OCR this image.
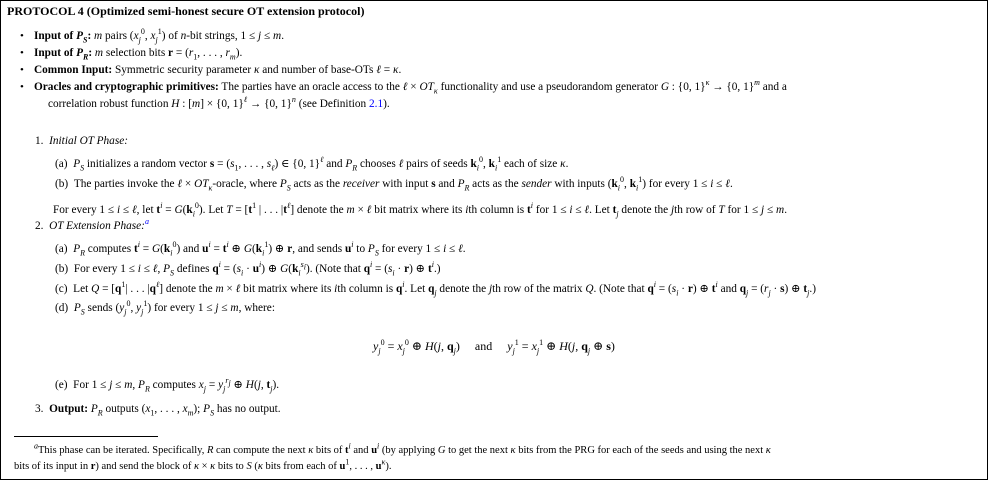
PROTOCOL 4 (Optimized semi-honest secure OT extension protocol)
• Input of $P_S$: m pairs ($x_j^0$, $x_j^1$) of n-bit strings, 1 ≤ j ≤ m.
• Input of $P_R$: m selection bits $r = (r_1$, . . . , $r_m$).
• Common Input: Symmetric security parameter κ and number of base-OTs ℓ = κ.
• Oracles and cryptographic primitives: The parties have an oracle access to the ℓ × $OT_\kappa$ functionality and use a pseudorandom generator G : {0, 1}$^\kappa$ → {0, 1}$^m$ and a
correlation robust function H : [m] × {0, 1}$^\ell$ → {0, 1}$^n$ (see Definition 2.1).
1.  Initial OT Phase:
(a)  $P_S$ initializes a random vector $s = (s_1$, . . . , $s_\ell$) ∈ {0, 1}$^\ell$ and $P_R$ chooses ℓ pairs of seeds $k_i^0$, $k_i^1$ each of size κ.
(b)  The parties invoke the ℓ × $OT_\kappa$-oracle, where $P_S$ acts as the receiver with input s and $P_R$ acts as the sender with inputs ($k_i^0$, $k_i^1$) for every 1 ≤ i ≤ ℓ.
For every 1 ≤ i ≤ ℓ, let $t^i = G(k_i^0)$. Let $T = [t^1$ | . . . $|t^\ell$] denote the m × ℓ bit matrix where its ith column is $t^i$ for 1 ≤ i ≤ ℓ. Let $t_j$ denote the jth row of T for 1 ≤ j ≤ m.
2.  OT Extension Phase:$^a$
(a)  $P_R$ computes $t^i = G(k_i^0)$ and $u^i = t^i$ ⊕ $G(k_i^1)$ ⊕ r, and sends $u^i$ to $P_S$ for every 1 ≤ i ≤ ℓ.
(b)  For every 1 ≤ i ≤ ℓ, $P_S$ defines $q^i = (s_i \cdot u^i)$ ⊕ $G(k_i^{s_i})$. (Note that $q^i = (s_i \cdot r)$ ⊕ $t^i$.)
(c)  Let $Q = [q^1|$ . . . $|q^\ell$] denote the m × ℓ bit matrix where its ith column is $q^i$. Let $q_j$ denote the jth row of the matrix Q. (Note that $q^i = (s_i \cdot r)$ ⊕ $t^i$ and $q_j = (r_j \cdot s)$ ⊕ $t_j$.)
(d)  $P_S$ sends ($y_j^0$, $y_j^1$) for every 1 ≤ j ≤ m, where:
$y_j^0 = x_j^0$ ⊕ H(j, $q_j$)     and $y_j^1 = x_j^1$ ⊕ H(j, $q_j$ ⊕ s)
(e)  For 1 ≤ j ≤ m, $P_R$ computes $x_j = y_j^{r_j}$ ⊕ H(j, $t_j$).
3.  Output: $P_R$ outputs ($x_1$, . . . , $x_m$); $P_S$ has no output.
$^a$This phase can be iterated. Specifically, R can compute the next κ bits of $t^i$ and $u^i$ (by applying G to get the next κ bits from the PRG for each of the seeds and using the next κ
bits of its input in r) and send the block of κ × κ bits to S (κ bits from each of $u^1$, . . . , $u^\kappa$).
